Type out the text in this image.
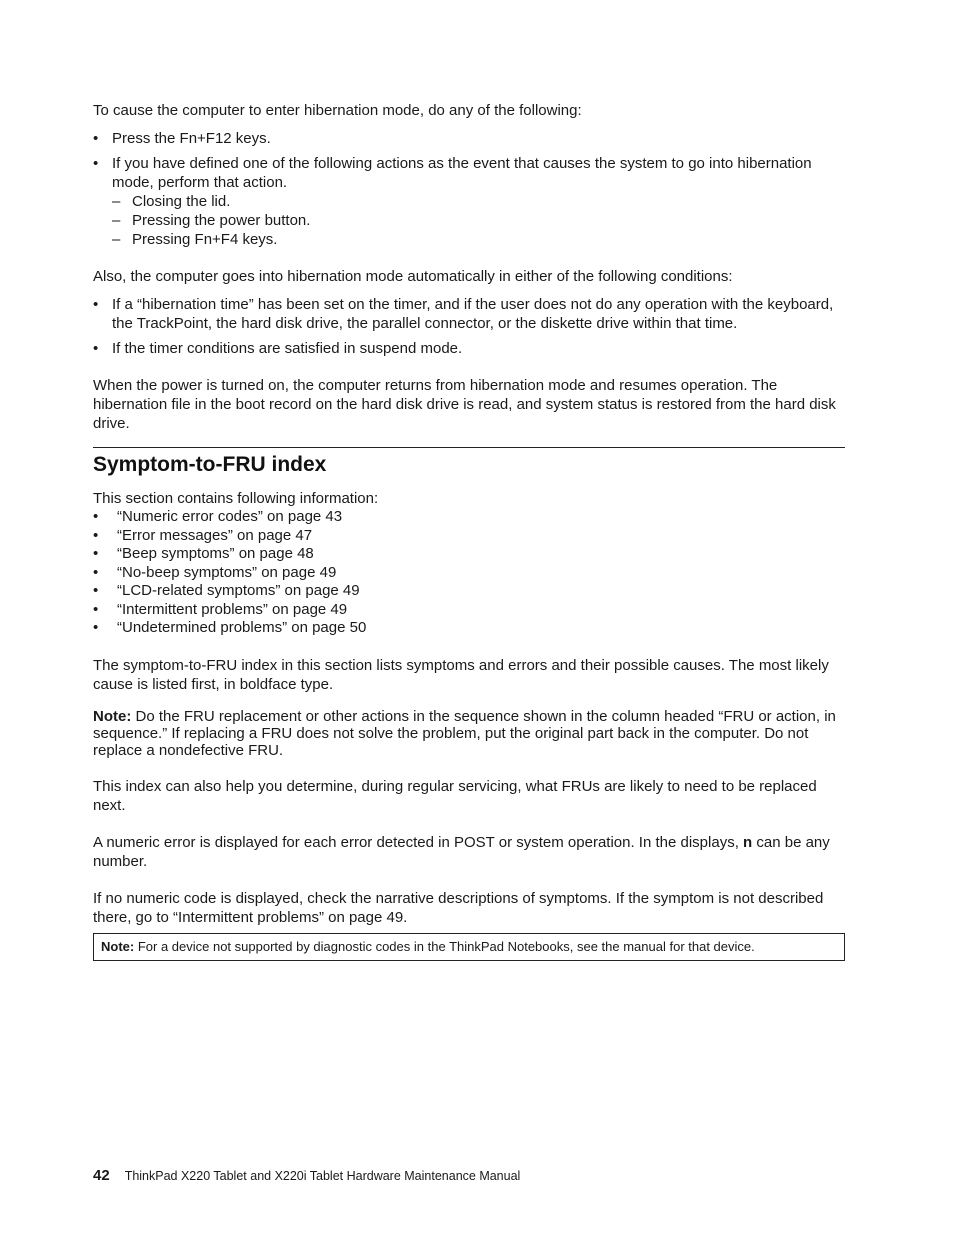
To cause the computer to enter hibernation mode, do any of the following:

• Press the Fn+F12 keys.
• If you have defined one of the following actions as the event that causes the system to go into hibernation mode, perform that action.
– Closing the lid.
– Pressing the power button.
– Pressing Fn+F4 keys.

Also, the computer goes into hibernation mode automatically in either of the following conditions:

• If a “hibernation time” has been set on the timer, and if the user does not do any operation with the keyboard, the TrackPoint, the hard disk drive, the parallel connector, or the diskette drive within that time.
• If the timer conditions are satisfied in suspend mode.

When the power is turned on, the computer returns from hibernation mode and resumes operation. The hibernation file in the boot record on the hard disk drive is read, and system status is restored from the hard disk drive.

Symptom-to-FRU index

This section contains following information:

• “Numeric error codes” on page 43
• “Error messages” on page 47
• “Beep symptoms” on page 48
• “No-beep symptoms” on page 49
• “LCD-related symptoms” on page 49
• “Intermittent problems” on page 49
• “Undetermined problems” on page 50

The symptom-to-FRU index in this section lists symptoms and errors and their possible causes. The most likely cause is listed first, in boldface type.

Note: Do the FRU replacement or other actions in the sequence shown in the column headed “FRU or action, in sequence.” If replacing a FRU does not solve the problem, put the original part back in the computer. Do not replace a nondefective FRU.

This index can also help you determine, during regular servicing, what FRUs are likely to need to be replaced next.

A numeric error is displayed for each error detected in POST or system operation. In the displays, n can be any number.

If no numeric code is displayed, check the narrative descriptions of symptoms. If the symptom is not described there, go to “Intermittent problems” on page 49.

Note: For a device not supported by diagnostic codes in the ThinkPad Notebooks, see the manual for that device.
42 ThinkPad X220 Tablet and X220i Tablet Hardware Maintenance Manual
